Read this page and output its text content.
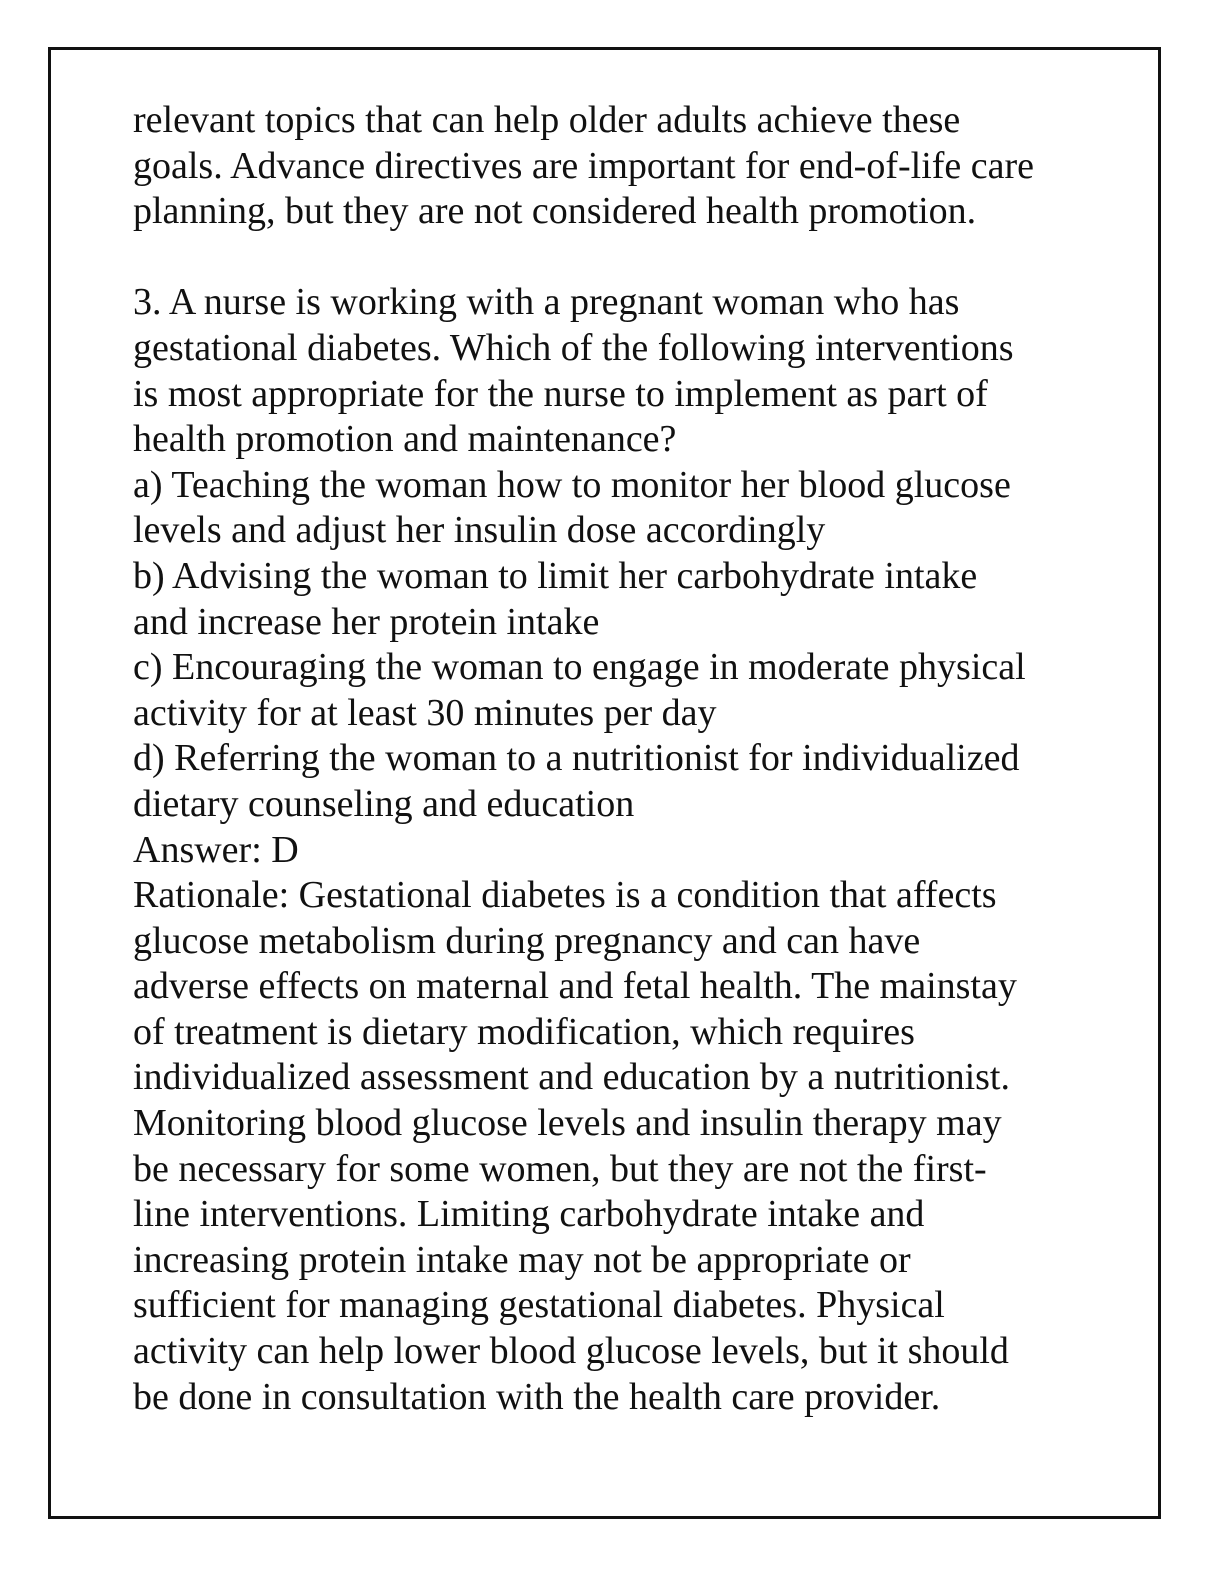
relevant topics that can help older adults achieve these
goals. Advance directives are important for end-of-life care
planning, but they are not considered health promotion.
3. A nurse is working with a pregnant woman who has
gestational diabetes. Which of the following interventions
is most appropriate for the nurse to implement as part of
health promotion and maintenance?
a) Teaching the woman how to monitor her blood glucose
levels and adjust her insulin dose accordingly
b) Advising the woman to limit her carbohydrate intake
and increase her protein intake
c) Encouraging the woman to engage in moderate physical
activity for at least 30 minutes per day
d) Referring the woman to a nutritionist for individualized
dietary counseling and education
Answer: D
Rationale: Gestational diabetes is a condition that affects
glucose metabolism during pregnancy and can have
adverse effects on maternal and fetal health. The mainstay
of treatment is dietary modification, which requires
individualized assessment and education by a nutritionist.
Monitoring blood glucose levels and insulin therapy may
be necessary for some women, but they are not the first-
line interventions. Limiting carbohydrate intake and
increasing protein intake may not be appropriate or
sufficient for managing gestational diabetes. Physical
activity can help lower blood glucose levels, but it should
be done in consultation with the health care provider.
